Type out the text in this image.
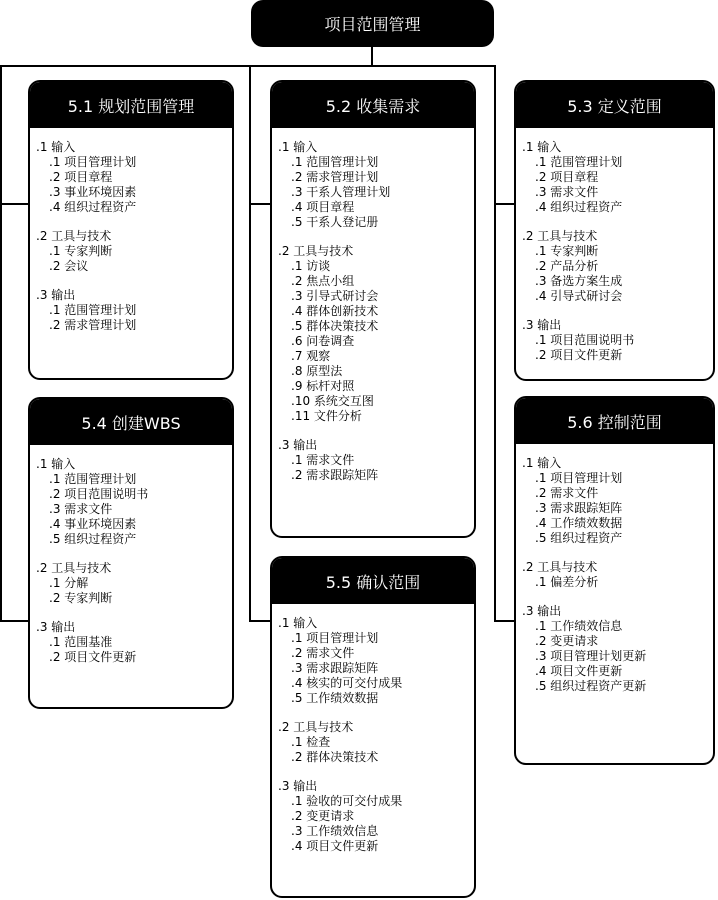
项目范围管理
5.1 规划范围管理
.1 输入
.1 项目管理计划
.2 项目章程
.3 事业环境因素
.4 组织过程资产
.2 工具与技术
.1 专家判断
.2 会议
.3 输出
.1 范围管理计划
.2 需求管理计划
5.2 收集需求
.1 输入
.1 范围管理计划
.2 需求管理计划
.3 干系人管理计划
.4 项目章程
.5 干系人登记册
.2 工具与技术
.1 访谈
.2 焦点小组
.3 引导式研讨会
.4 群体创新技术
.5 群体决策技术
.6 问卷调查
.7 观察
.8 原型法
.9 标杆对照
.10 系统交互图
.11 文件分析
.3 输出
.1 需求文件
.2 需求跟踪矩阵
5.3 定义范围
.1 输入
.1 范围管理计划
.2 项目章程
.3 需求文件
.4 组织过程资产
.2 工具与技术
.1 专家判断
.2 产品分析
.3 备选方案生成
.4 引导式研讨会
.3 输出
.1 项目范围说明书
.2 项目文件更新
5.4 创建WBS
.1 输入
.1 范围管理计划
.2 项目范围说明书
.3 需求文件
.4 事业环境因素
.5 组织过程资产
.2 工具与技术
.1 分解
.2 专家判断
.3 输出
.1 范围基准
.2 项目文件更新
5.5 确认范围
.1 输入
.1 项目管理计划
.2 需求文件
.3 需求跟踪矩阵
.4 核实的可交付成果
.5 工作绩效数据
.2 工具与技术
.1 检查
.2 群体决策技术
.3 输出
.1 验收的可交付成果
.2 变更请求
.3 工作绩效信息
.4 项目文件更新
5.6 控制范围
.1 输入
.1 项目管理计划
.2 需求文件
.3 需求跟踪矩阵
.4 工作绩效数据
.5 组织过程资产
.2 工具与技术
.1 偏差分析
.3 输出
.1 工作绩效信息
.2 变更请求
.3 项目管理计划更新
.4 项目文件更新
.5 组织过程资产更新
